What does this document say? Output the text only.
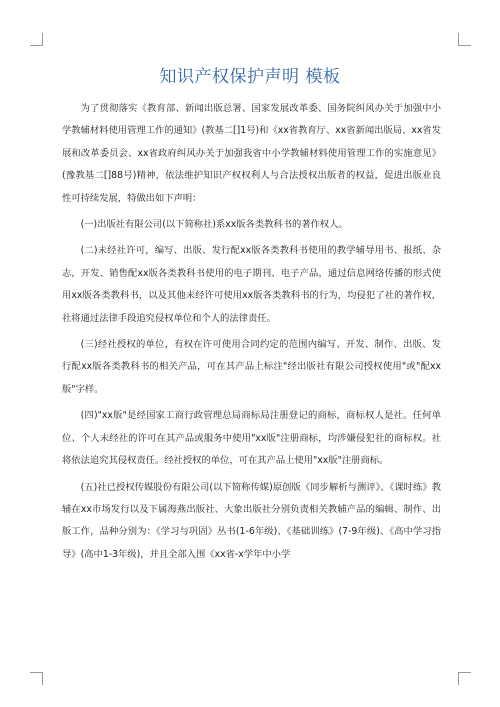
知识产权保护声明 模板

为了贯彻落实《教育部、新闻出版总署、国家发展改革委、国务院纠风办关于加强中小学教辅材料使用管理工作的通知》(教基二[]1号)和《xx省教育厅、xx省新闻出版局、xx省发展和改革委员会、xx省政府纠风办关于加强我省中小学教辅材料使用管理工作的实施意见》(豫教基二[]88号)精神，依法维护知识产权权利人与合法授权出版者的权益，促进出版业良性可持续发展，特做出如下声明：

(一)出版社有限公司(以下简称社)系xx版各类教科书的著作权人。

(二)未经社许可，编写、出版、发行配xx版各类教科书使用的教学辅导用书、报纸、杂志，开发、销售配xx版各类教科书使用的电子期刊、电子产品，通过信息网络传播的形式使用xx版各类教科书，以及其他未经许可使用xx版各类教科书的行为，均侵犯了社的著作权，社将通过法律手段追究侵权单位和个人的法律责任。

(三)经社授权的单位，有权在许可使用合同约定的范围内编写、开发、制作、出版、发行配xx版各类教科书的相关产品，可在其产品上标注"经出版社有限公司授权使用"或"配xx版"字样。

(四)"xx版"是经国家工商行政管理总局商标局注册登记的商标，商标权人是社。任何单位、个人未经社的许可在其产品或服务中使用"xx版"注册商标，均涉嫌侵犯社的商标权。社将依法追究其侵权责任。经社授权的单位，可在其产品上使用"xx版"注册商标。

(五)社已授权传媒股份有限公司(以下简称传媒)原创版《同步解析与测评》、《课时练》教辅在xx市场发行以及下属海燕出版社、大象出版社分别负责相关教辅产品的编辑、制作、出版工作，品种分别为：《学习与巩固》丛书(1-6年级)、《基础训练》(7-9年级)、《高中学习指导》(高中1-3年级)，并且全部入围《xx省-x学年中小学
